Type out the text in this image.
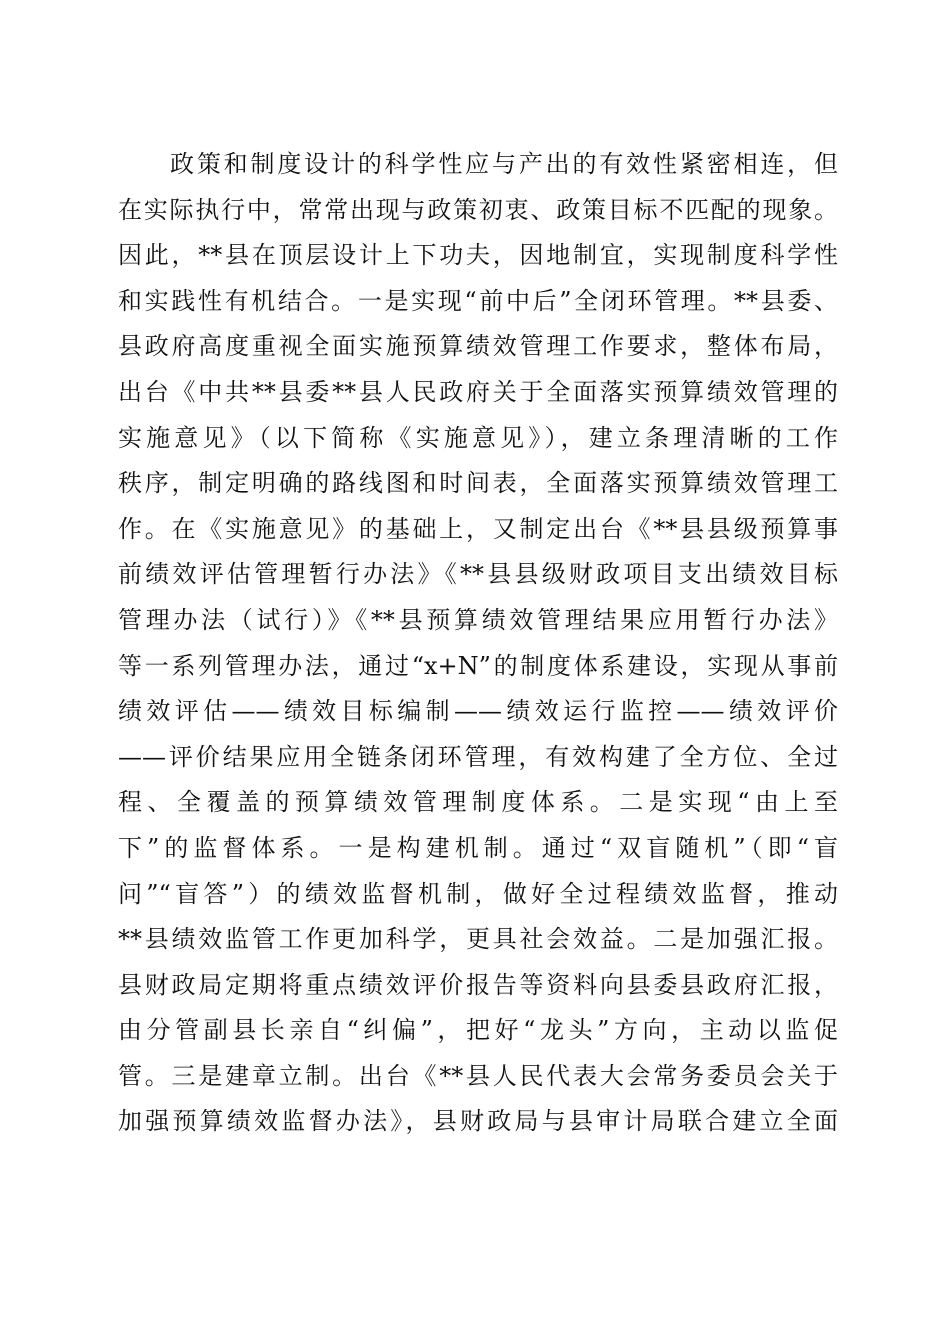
政策和制度设计的科学性应与产出的有效性紧密相连，但
在实际执行中，常常出现与政策初衷、政策目标不匹配的现象。
因此，**县在顶层设计上下功夫，因地制宜，实现制度科学性
和实践性有机结合。一是实现“前中后”全闭环管理。**县委、
县政府高度重视全面实施预算绩效管理工作要求，整体布局，
出台《中共**县委**县人民政府关于全面落实预算绩效管理的
实施意见》（以下简称《实施意见》），建立条理清晰的工作
秩序，制定明确的路线图和时间表，全面落实预算绩效管理工
作。在《实施意见》的基础上，又制定出台《**县县级预算事
前绩效评估管理暂行办法》《**县县级财政项目支出绩效目标
管理办法（试行）》《**县预算绩效管理结果应用暂行办法》
等一系列管理办法，通过“x+N”的制度体系建设，实现从事前
绩效评估——绩效目标编制——绩效运行监控——绩效评价
——评价结果应用全链条闭环管理，有效构建了全方位、全过
程、全覆盖的预算绩效管理制度体系。二是实现“由上至
下”的监督体系。一是构建机制。通过“双盲随机”（即“盲
问”“盲答”）的绩效监督机制，做好全过程绩效监督，推动
**县绩效监管工作更加科学，更具社会效益。二是加强汇报。
县财政局定期将重点绩效评价报告等资料向县委县政府汇报，
由分管副县长亲自“纠偏”，把好“龙头”方向，主动以监促
管。三是建章立制。出台《**县人民代表大会常务委员会关于
加强预算绩效监督办法》，县财政局与县审计局联合建立全面
